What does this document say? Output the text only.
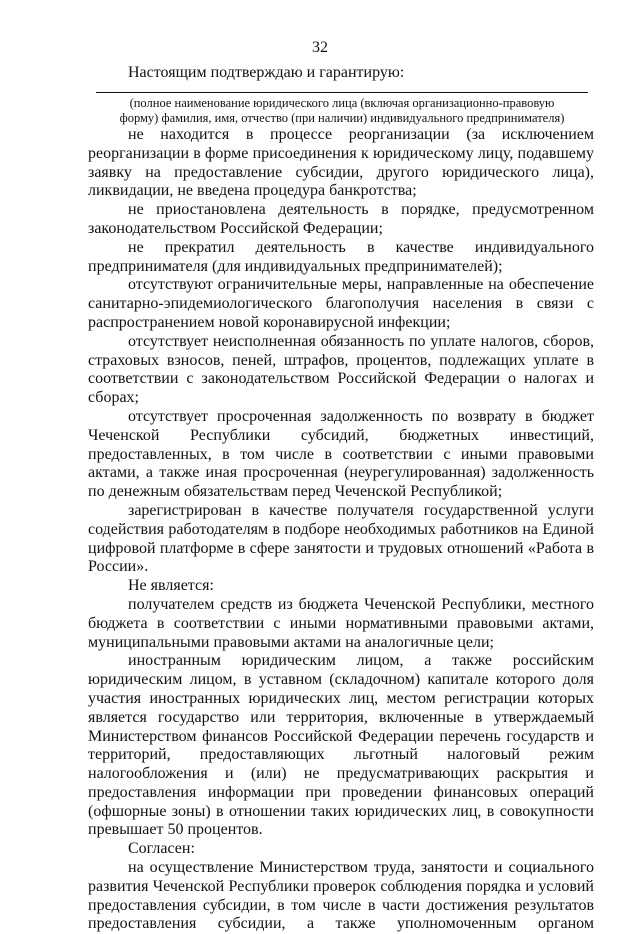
32
Настоящим подтверждаю и гарантирую:
(полное наименование юридического лица (включая организационно-правовую
форму) фамилия, имя, отчество (при наличии) индивидуального предпринимателя)

не находится в процессе реорганизации (за исключением реорганизации в форме присоединения к юридическому лицу, подавшему заявку на предоставление субсидии, другого юридического лица), ликвидации, не введена процедура банкротства;

не приостановлена деятельность в порядке, предусмотренном законодательством Российской Федерации;

не прекратил деятельность в качестве индивидуального предпринимателя (для индивидуальных предпринимателей);

отсутствуют ограничительные меры, направленные на обеспечение санитарно-эпидемиологического благополучия населения в связи с распространением новой коронавирусной инфекции;

отсутствует неисполненная обязанность по уплате налогов, сборов, страховых взносов, пеней, штрафов, процентов, подлежащих уплате в соответствии с законодательством Российской Федерации о налогах и сборах;

отсутствует просроченная задолженность по возврату в бюджет Чеченской Республики субсидий, бюджетных инвестиций, предоставленных, в том числе в соответствии с иными правовыми актами, а также иная просроченная (неурегулированная) задолженность по денежным обязательствам перед Чеченской Республикой;

зарегистрирован в качестве получателя государственной услуги содействия работодателям в подборе необходимых работников на Единой цифровой платформе в сфере занятости и трудовых отношений «Работа в России».

Не является:

получателем средств из бюджета Чеченской Республики, местного бюджета в соответствии с иными нормативными правовыми актами, муниципальными правовыми актами на аналогичные цели;

иностранным юридическим лицом, а также российским юридическим лицом, в уставном (складочном) капитале которого доля участия иностранных юридических лиц, местом регистрации которых является государство или территория, включенные в утверждаемый Министерством финансов Российской Федерации перечень государств и территорий, предоставляющих льготный налоговый режим налогообложения и (или) не предусматривающих раскрытия и предоставления информации при проведении финансовых операций (офшорные зоны) в отношении таких юридических лиц, в совокупности превышает 50 процентов.

Согласен:

на осуществление Министерством труда, занятости и социального развития Чеченской Республики проверок соблюдения порядка и условий предоставления субсидии, в том числе в части достижения результатов предоставления субсидии, а также уполномоченным органом
